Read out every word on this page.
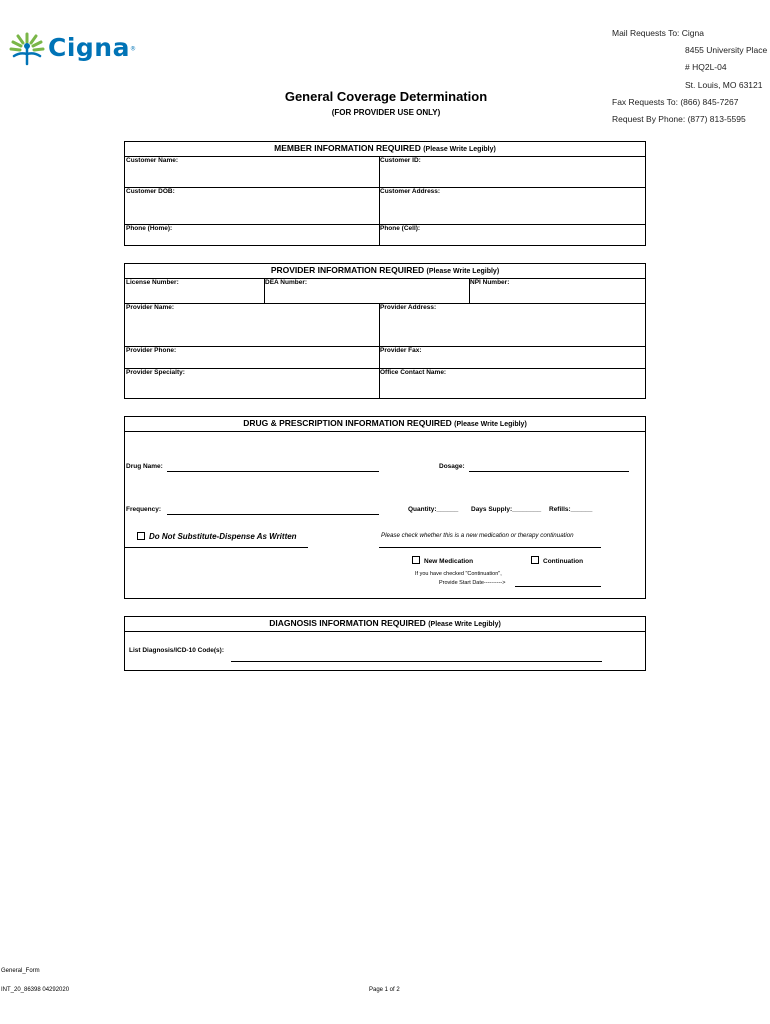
Cigna®
Mail Requests To: Cigna
8455 University Place
# HQ2L-04
St. Louis, MO 63121
Fax Requests To: (866) 845-7267
Request By Phone: (877) 813-5595
General Coverage Determination
(FOR PROVIDER USE ONLY)
MEMBER INFORMATION REQUIRED (Please Write Legibly)
Customer Name:	Customer ID:
Customer DOB:	Customer Address:
Phone (Home):	Phone (Cell):
PROVIDER INFORMATION REQUIRED (Please Write Legibly)
License Number:	DEA Number:	NPI Number:
Provider Name:	Provider Address:
Provider Phone:	Provider Fax:
Provider Specialty:	Office Contact Name:
DRUG & PRESCRIPTION INFORMATION REQUIRED (Please Write Legibly)
Drug Name:	Dosage:
Frequency:	Quantity:______ Days Supply:________ Refills:______
Do Not Substitute-Dispense As Written	Please check whether this is a new medication or therapy continuation
New Medication	Continuation
If you have checked "Continuation",
Provide Start Date---------->
DIAGNOSIS INFORMATION REQUIRED (Please Write Legibly)
List Diagnosis/ICD-10 Code(s):
General_Form
INT_20_86398 04292020	Page 1 of 2
